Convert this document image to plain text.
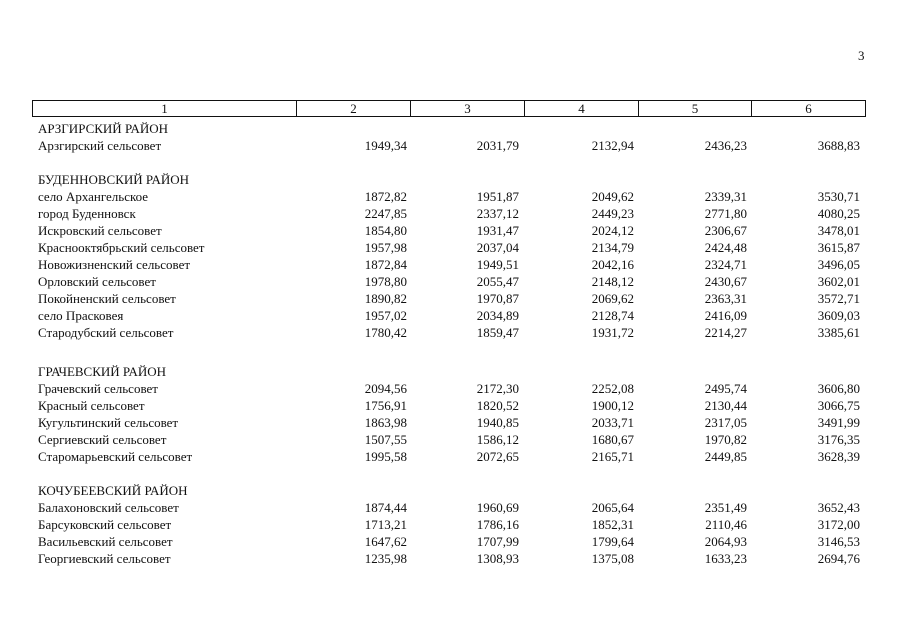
3
1	2	3	4	5	6
АРЗГИРСКИЙ РАЙОН
Арзгирский сельсовет	1949,34	2031,79	2132,94	2436,23	3688,83
БУДЕННОВСКИЙ РАЙОН
село Архангельское	1872,82	1951,87	2049,62	2339,31	3530,71
город Буденновск	2247,85	2337,12	2449,23	2771,80	4080,25
Искровский сельсовет	1854,80	1931,47	2024,12	2306,67	3478,01
Краснооктябрьский сельсовет	1957,98	2037,04	2134,79	2424,48	3615,87
Новожизненский сельсовет	1872,84	1949,51	2042,16	2324,71	3496,05
Орловский сельсовет	1978,80	2055,47	2148,12	2430,67	3602,01
Покойненский сельсовет	1890,82	1970,87	2069,62	2363,31	3572,71
село Прасковея	1957,02	2034,89	2128,74	2416,09	3609,03
Стародубский сельсовет	1780,42	1859,47	1931,72	2214,27	3385,61
ГРАЧЕВСКИЙ РАЙОН
Грачевский сельсовет	2094,56	2172,30	2252,08	2495,74	3606,80
Красный сельсовет	1756,91	1820,52	1900,12	2130,44	3066,75
Кугультинский сельсовет	1863,98	1940,85	2033,71	2317,05	3491,99
Сергиевский сельсовет	1507,55	1586,12	1680,67	1970,82	3176,35
Старомарьевский сельсовет	1995,58	2072,65	2165,71	2449,85	3628,39
КОЧУБЕЕВСКИЙ РАЙОН
Балахоновский сельсовет	1874,44	1960,69	2065,64	2351,49	3652,43
Барсуковский сельсовет	1713,21	1786,16	1852,31	2110,46	3172,00
Васильевский сельсовет	1647,62	1707,99	1799,64	2064,93	3146,53
Георгиевский сельсовет	1235,98	1308,93	1375,08	1633,23	2694,76
